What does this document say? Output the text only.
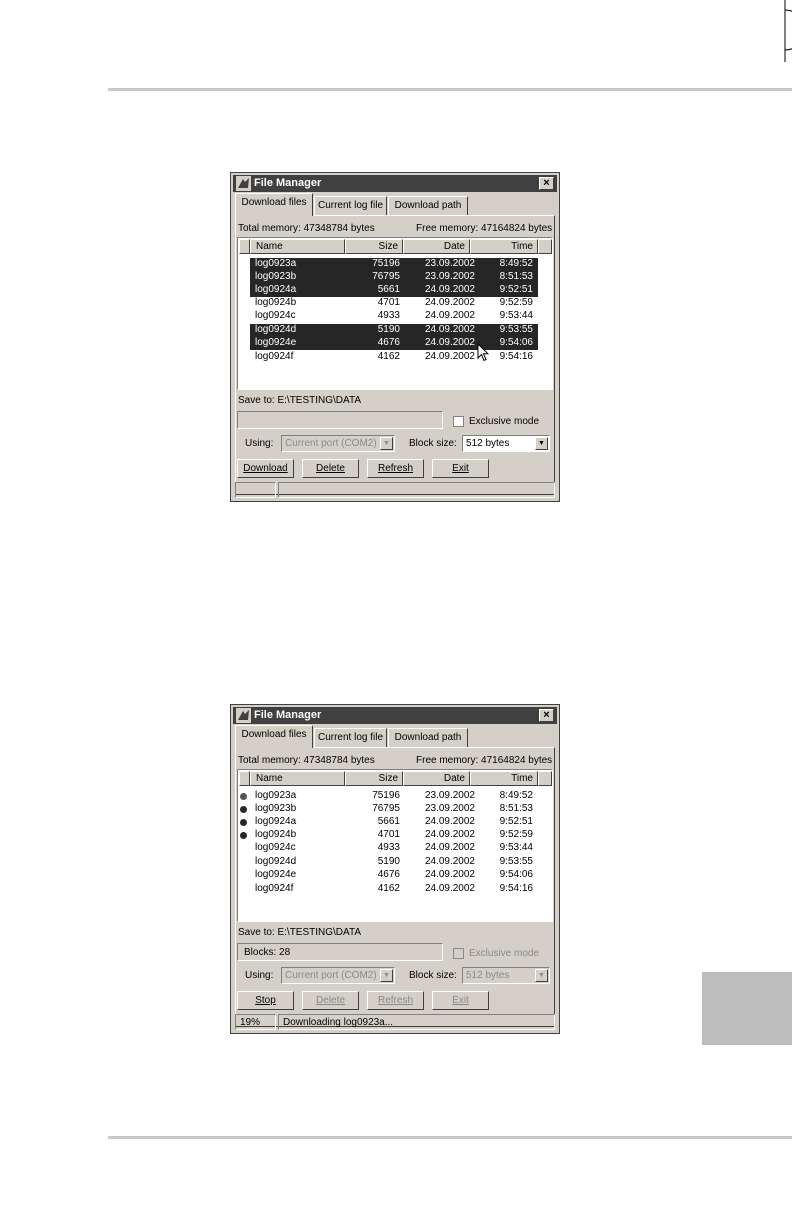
File Manager	×
Download files	Current log file	Download path
Total memory: 47348784 bytes	Free memory: 47164824 bytes
Name	Size	Date	Time
log0923a	75196	23.09.2002	8:49:52
log0923b	76795	23.09.2002	8:51:53
log0924a	5661	24.09.2002	9:52:51
log0924b	4701	24.09.2002	9:52:59
log0924c	4933	24.09.2002	9:53:44
log0924d	5190	24.09.2002	9:53:55
log0924e	4676	24.09.2002	9:54:06
log0924f	4162	24.09.2002	9:54:16
Save to: E:\TESTING\DATA
Exclusive mode
Using: Current port (COM2) ▼	Block size: 512 bytes	▼
Download	Delete	Refresh	Exit
File Manager	×
Download files	Current log file	Download path
Total memory: 47348784 bytes	Free memory: 47164824 bytes
Name	Size	Date	Time
log0923a	75196	23.09.2002	8:49:52
log0923b	76795	23.09.2002	8:51:53
log0924a	5661	24.09.2002	9:52:51
log0924b	4701	24.09.2002	9:52:59
log0924c	4933	24.09.2002	9:53:44
log0924d	5190	24.09.2002	9:53:55
log0924e	4676	24.09.2002	9:54:06
log0924f	4162	24.09.2002	9:54:16
Save to: E:\TESTING\DATA
Blocks: 28	Exclusive mode
Using: Current port (COM2) ▼	Block size: 512 bytes	▼
Stop	Delete	Refresh	Exit
19%	Downloading log0923a...
